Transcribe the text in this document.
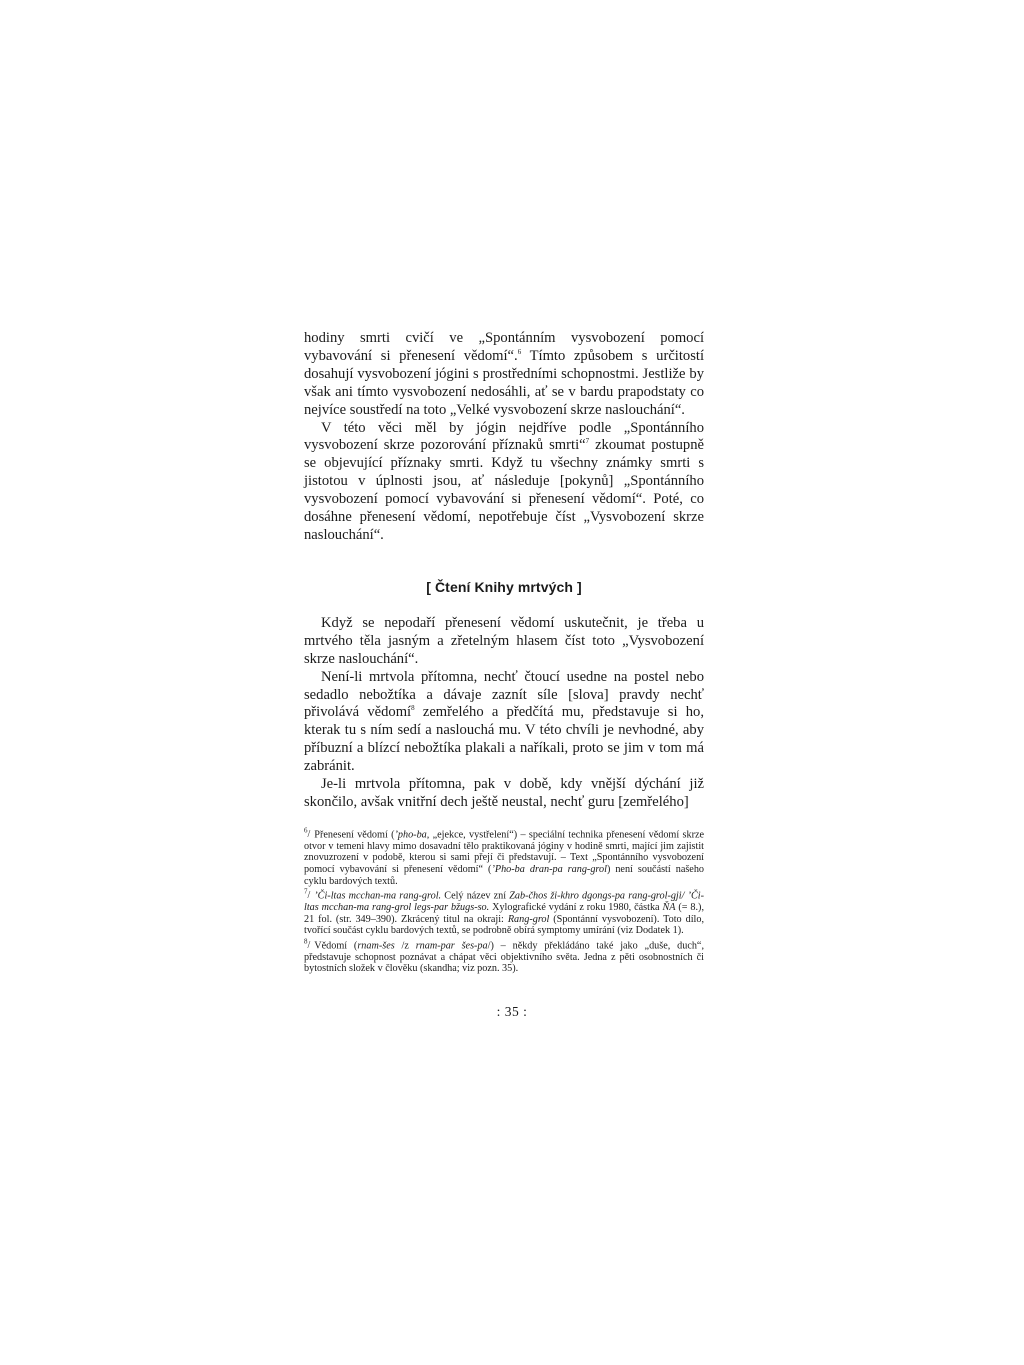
hodiny smrti cvičí ve „Spontánním vysvobození pomocí vybavování si přenesení vědomí“.$^6$ Tímto způsobem s určitostí dosahují vysvobození jógini s prostředními schopnostmi. Jestliže by však ani tímto vysvobození nedosáhli, ať se v bardu prapodstaty co nejvíce soustředí na toto „Velké vysvobození skrze naslouchání“.

V této věci měl by jógin nejdříve podle „Spontánního vysvobození skrze pozorování příznaků smrti“$^7$ zkoumat postupně se objevující příznaky smrti. Když tu všechny známky smrti s jistotou v úplnosti jsou, ať následuje [pokynů] „Spontánního vysvobození pomocí vybavování si přenesení vědomí“. Poté, co dosáhne přenesení vědomí, nepotřebuje číst „Vysvobození skrze naslouchání“.

[ Čtení Knihy mrtvých ]

Když se nepodaří přenesení vědomí uskutečnit, je třeba u mrtvého těla jasným a zřetelným hlasem číst toto „Vysvobození skrze naslouchání“.

Není-li mrtvola přítomna, nechť čtoucí usedne na postel nebo sedadlo nebožtíka a dávaje zaznít síle [slova] pravdy nechť přivolává vědomí$^8$ zemřelého a předčítá mu, představuje si ho, kterak tu s ním sedí a naslouchá mu. V této chvíli je nevhodné, aby příbuzní a blízcí nebožtíka plakali a naříkali, proto se jim v tom má zabránit.

Je-li mrtvola přítomna, pak v době, kdy vnější dýchání již skončilo, avšak vnitřní dech ještě neustal, nechť guru [zemřelého]

$^6$/ Přenesení vědomí (’pho-ba, „ejekce, vystřelení“) – speciální technika přenesení vědomí skrze otvor v temeni hlavy mimo dosavadní tělo praktikovaná jóginy v hodině smrti, mající jim zajistit znovuzrození v podobě, kterou si sami přejí či představují. – Text „Spontánního vysvobození pomocí vybavování si přenesení vědomí“ (’Pho-ba dran-pa rang-grol) není součástí našeho cyklu bardových textů.

$^7$/ ’Či-ltas mcchan-ma rang-grol. Celý název zní Zab-čhos ži-khro dgongs-pa rang-grol-gji/ ’Či-ltas mcchan-ma rang-grol legs-par bžugs-so. Xylografické vydání z roku 1980, částka ŇA (= 8.), 21 fol. (str. 349–390). Zkrácený titul na okraji: Rang-grol (Spontánní vysvobození). Toto dílo, tvořící součást cyklu bardových textů, se podrobně obírá symptomy umírání (viz Dodatek 1).

$^8$/ Vědomí (rnam-šes /z rnam-par šes-pa/) – někdy překládáno také jako „duše, duch“, představuje schopnost poznávat a chápat věci objektivního světa. Jedna z pěti osobnostních či bytostních složek v člověku (skandha; viz pozn. 35).

: 35 :
